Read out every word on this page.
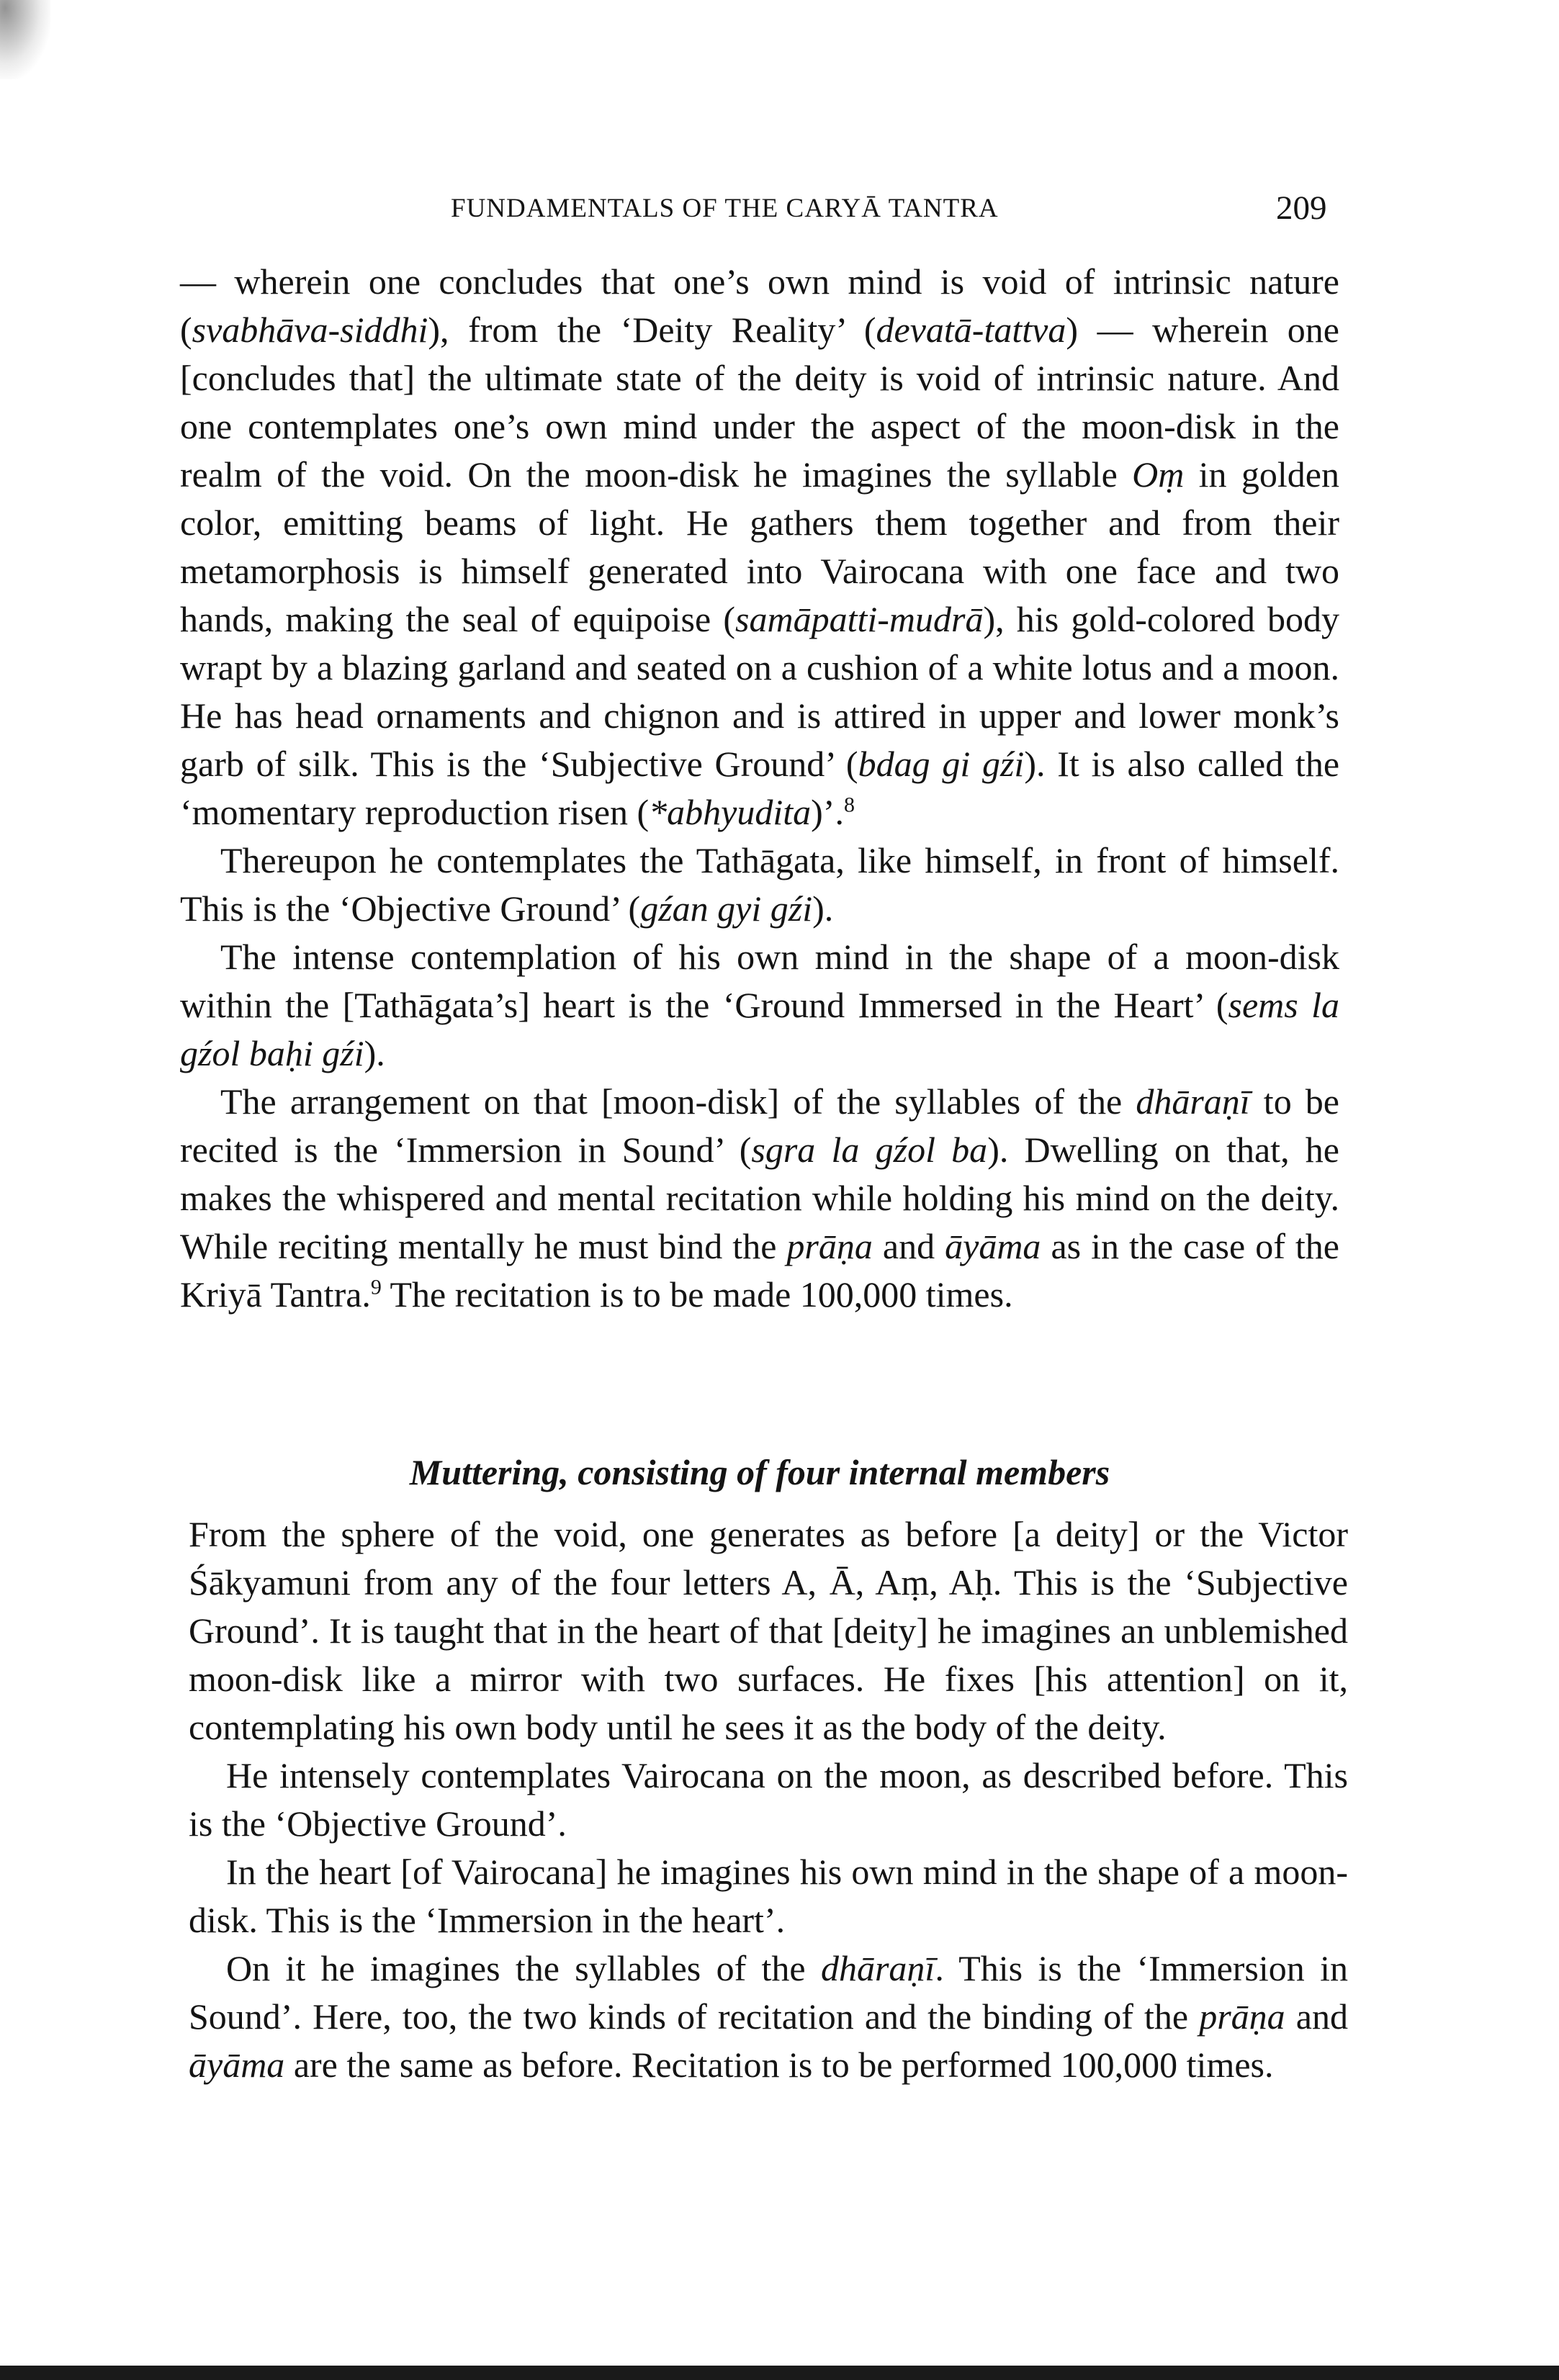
FUNDAMENTALS OF THE CARYĀ TANTRA	209

— wherein one concludes that one’s own mind is void of intrinsic nature (svabhāva-siddhi), from the ‘Deity Reality’ (devatā-tattva) — wherein one [concludes that] the ultimate state of the deity is void of intrinsic nature. And one contemplates one’s own mind under the aspect of the moon-disk in the realm of the void. On the moon-disk he imagines the syllable Oṃ in golden color, emitting beams of light. He gathers them together and from their metamorphosis is himself generated into Vairocana with one face and two hands, making the seal of equipoise (samāpatti-mudrā), his gold-colored body wrapt by a blazing garland and seated on a cushion of a white lotus and a moon. He has head ornaments and chignon and is attired in upper and lower monk’s garb of silk. This is the ‘Subjective Ground’ (bdag gi gźi). It is also called the ‘momentary reproduction risen (*abhyudita)’.$^8$

Thereupon he contemplates the Tathāgata, like himself, in front of himself. This is the ‘Objective Ground’ (gźan gyi gźi).

The intense contemplation of his own mind in the shape of a moon-disk within the [Tathāgata’s] heart is the ‘Ground Immersed in the Heart’ (sems la gźol baḥi gźi).

The arrangement on that [moon-disk] of the syllables of the dhāraṇī to be recited is the ‘Immersion in Sound’ (sgra la gźol ba). Dwelling on that, he makes the whispered and mental recitation while holding his mind on the deity. While reciting mentally he must bind the prāṇa and āyāma as in the case of the Kriyā Tantra.$^9$ The recitation is to be made 100,000 times.

Muttering, consisting of four internal members

From the sphere of the void, one generates as before [a deity] or the Victor Śākyamuni from any of the four letters A, Ā, Aṃ, Aḥ. This is the ‘Subjective Ground’. It is taught that in the heart of that [deity] he imagines an unblemished moon-disk like a mirror with two surfaces. He fixes [his attention] on it, contemplating his own body until he sees it as the body of the deity.

He intensely contemplates Vairocana on the moon, as described before. This is the ‘Objective Ground’.

In the heart [of Vairocana] he imagines his own mind in the shape of a moon-disk. This is the ‘Immersion in the heart’.

On it he imagines the syllables of the dhāraṇī. This is the ‘Immersion in Sound’. Here, too, the two kinds of recitation and the binding of the prāṇa and āyāma are the same as before. Recitation is to be performed 100,000 times.
